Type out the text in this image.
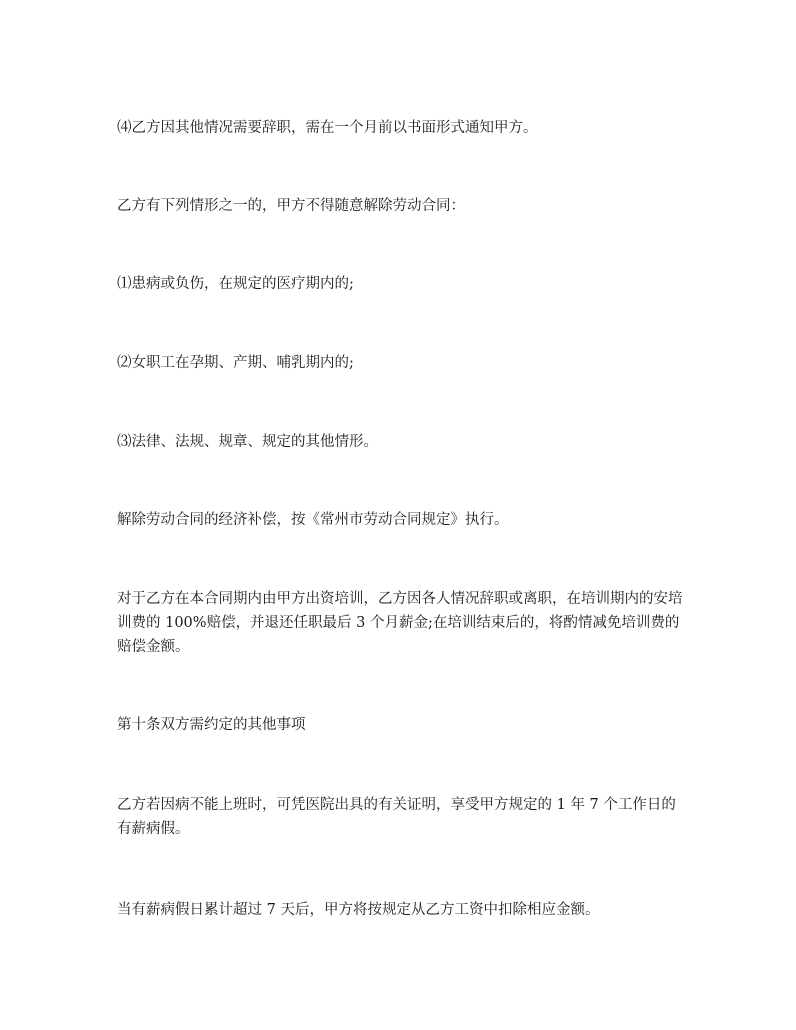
⑷乙方因其他情况需要辞职，需在一个月前以书面形式通知甲方。

乙方有下列情形之一的，甲方不得随意解除劳动合同：

⑴患病或负伤，在规定的医疗期内的;

⑵女职工在孕期、产期、哺乳期内的;

⑶法律、法规、规章、规定的其他情形。

解除劳动合同的经济补偿，按《常州市劳动合同规定》执行。

对于乙方在本合同期内由甲方出资培训，乙方因各人情况辞职或离职，在培训期内的安培训费的 100%赔偿，并退还任职最后 3 个月薪金;在培训结束后的，将酌情减免培训费的赔偿金额。

第十条双方需约定的其他事项

乙方若因病不能上班时，可凭医院出具的有关证明，享受甲方规定的 1 年 7 个工作日的有薪病假。

当有薪病假日累计超过 7 天后，甲方将按规定从乙方工资中扣除相应金额。
